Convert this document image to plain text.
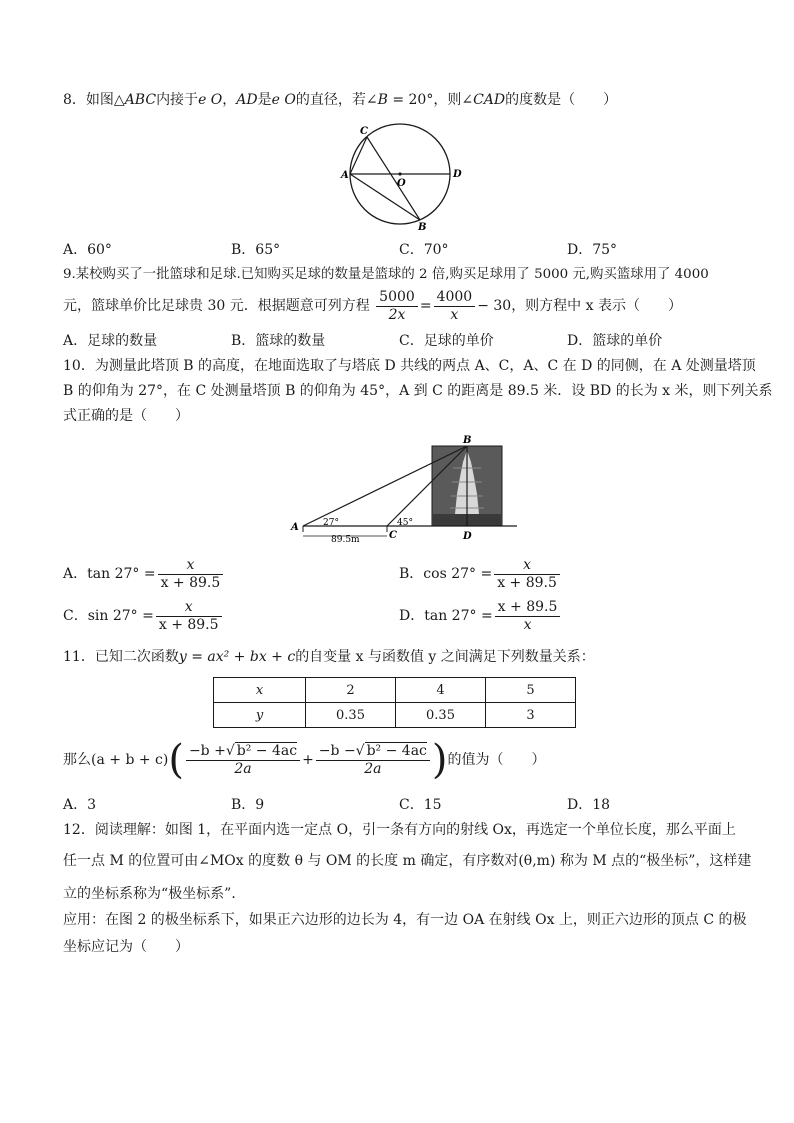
8．如图△ABC内接于e O，AD是e O的直径，若∠B = 20°，则∠CAD的度数是（　　）
A
C
O
D
B
A．60°	B．65°	C．70°	D．75°
9.某校购买了一批篮球和足球.已知购买足球的数量是篮球的 2 倍,购买足球用了 5000 元,购买篮球用了 4000
元，篮球单价比足球贵 30 元．根据题意可列方程 $\frac{5000}{2x} = \frac{4000}{x} - 30$，则方程中 x 表示（　　）
A．足球的数量	B．篮球的数量	C．足球的单价	D．篮球的单价
10．为测量此塔顶 B 的高度，在地面选取了与塔底 D 共线的两点 A、C，A、C 在 D 的同侧，在 A 处测量塔顶
B 的仰角为 27°，在 C 处测量塔顶 B 的仰角为 45°，A 到 C 的距离是 89.5 米．设 BD 的长为 x 米，则下列关系
式正确的是（　　）
A
B
C	D
27°	45°
89.5m
A．$\tan 27^\circ = \frac{x}{x + 89.5}$	B．$\cos 27^\circ = \frac{x}{x + 89.5}$
C．$\sin 27^\circ = \frac{x}{x + 89.5}$	D．$\tan 27^\circ = \frac{x + 89.5}{x}$
11．已知二次函数y = ax² + bx + c的自变量 x 与函数值 y 之间满足下列数量关系：
x	2	4	5
y	0.35	0.35	3
那么$(a + b + c)( \frac{\text{−b +√ b² − 4ac}}{2a} + \frac{\text{−b −√ b² − 4ac}}{2a}$ )的值为（　　）
A．3	B．9	C．15	D．18
12．阅读理解：如图 1，在平面内选一定点 O，引一条有方向的射线 Ox，再选定一个单位长度，那么平面上
任一点 M 的位置可由∠MOx 的度数 θ 与 OM 的长度 m 确定，有序数对(θ,m) 称为 M 点的“极坐标”，这样建
立的坐标系称为“极坐标系”．
应用：在图 2 的极坐标系下，如果正六边形的边长为 4，有一边 OA 在射线 Ox 上，则正六边形的顶点 C 的极
坐标应记为（　　）
